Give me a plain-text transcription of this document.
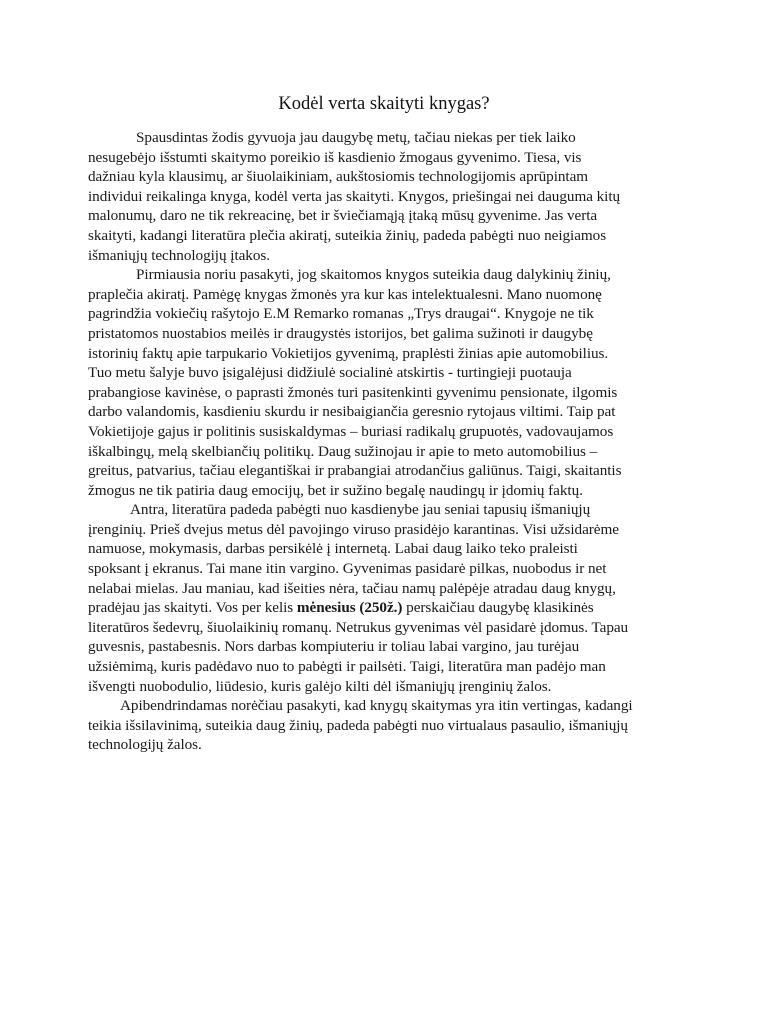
Kodėl verta skaityti knygas?
Spausdintas žodis gyvuoja jau daugybę metų, tačiau niekas per tiek laiko
nesugebėjo išstumti skaitymo poreikio iš kasdienio žmogaus gyvenimo. Tiesa, vis
dažniau kyla klausimų, ar šiuolaikiniam, aukštosiomis technologijomis aprūpintam
individui reikalinga knyga, kodėl verta jas skaityti. Knygos, priešingai nei dauguma kitų
malonumų, daro ne tik rekreacinę, bet ir šviečiamąją įtaką mūsų gyvenime. Jas verta
skaityti, kadangi literatūra plečia akiratį, suteikia žinių, padeda pabėgti nuo neigiamos
išmaniųjų technologijų įtakos.
Pirmiausia noriu pasakyti, jog skaitomos knygos suteikia daug dalykinių žinių,
praplečia akiratį. Pamėgę knygas žmonės yra kur kas intelektualesni. Mano nuomonę
pagrindžia vokiečių rašytojo E.M Remarko romanas „Trys draugai“. Knygoje ne tik
pristatomos nuostabios meilės ir draugystės istorijos, bet galima sužinoti ir daugybę
istorinių faktų apie tarpukario Vokietijos gyvenimą, praplėsti žinias apie automobilius.
Tuo metu šalyje buvo įsigalėjusi didžiulė socialinė atskirtis - turtingieji puotauja
prabangiose kavinėse, o paprasti žmonės turi pasitenkinti gyvenimu pensionate, ilgomis
darbo valandomis, kasdieniu skurdu ir nesibaigiančia geresnio rytojaus viltimi. Taip pat
Vokietijoje gajus ir politinis susiskaldymas – buriasi radikalų grupuotės, vadovaujamos
iškalbingų, melą skelbiančių politikų. Daug sužinojau ir apie to meto automobilius –
greitus, patvarius, tačiau elegantiškai ir prabangiai atrodančius galiūnus. Taigi, skaitantis
žmogus ne tik patiria daug emocijų, bet ir sužino begalę naudingų ir įdomių faktų.
Antra, literatūra padeda pabėgti nuo kasdienybe jau seniai tapusių išmaniųjų
įrenginių. Prieš dvejus metus dėl pavojingo viruso prasidėjo karantinas. Visi užsidarėme
namuose, mokymasis, darbas persikėlė į internetą. Labai daug laiko teko praleisti
spoksant į ekranus. Tai mane itin vargino. Gyvenimas pasidarė pilkas, nuobodus ir net
nelabai mielas. Jau maniau, kad išeities nėra, tačiau namų palėpėje atradau daug knygų,
pradėjau jas skaityti. Vos per kelis mėnesius (250ž.) perskaičiau daugybę klasikinės
literatūros šedevrų, šiuolaikinių romanų. Netrukus gyvenimas vėl pasidarė įdomus. Tapau
guvesnis, pastabesnis. Nors darbas kompiuteriu ir toliau labai vargino, jau turėjau
užsiėmimą, kuris padėdavo nuo to pabėgti ir pailsėti. Taigi, literatūra man padėjo man
išvengti nuobodulio, liūdesio, kuris galėjo kilti dėl išmaniųjų įrenginių žalos.
Apibendrindamas norėčiau pasakyti, kad knygų skaitymas yra itin vertingas, kadangi
teikia išsilavinimą, suteikia daug žinių, padeda pabėgti nuo virtualaus pasaulio, išmaniųjų
technologijų žalos.
